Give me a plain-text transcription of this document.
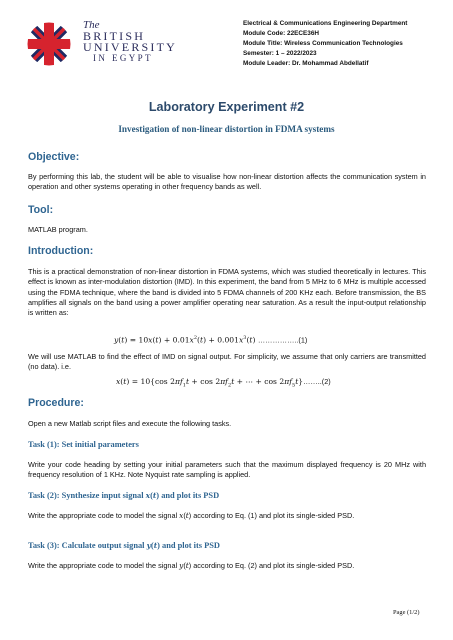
The
BRITISH
UNIVERSITY
IN EGYPT
Electrical & Communications Engineering Department
Module Code: 22ECE36H
Module Title: Wireless Communication Technologies
Semester: 1 – 2022/2023
Module Leader: Dr. Mohammad Abdellatif
Laboratory Experiment #2
Investigation of non-linear distortion in FDMA systems
Objective:
By performing this lab, the student will be able to visualise how non-linear distortion affects the communication system in operation and other systems operating in other frequency bands as well.
Tool:
MATLAB program.
Introduction:
This is a practical demonstration of non-linear distortion in FDMA systems, which was studied theoretically in lectures. This effect is known as inter-modulation distortion (IMD). In this experiment, the band from 5 MHz to 6 MHz is multiple accessed using the FDMA technique, where the band is divided into 5 FDMA channels of 200 KHz each. Before transmission, the BS amplifies all signals on the band using a power amplifier operating near saturation. As a result the input-output relationship is written as:
$y(t) = 10x(t) + 0.01x^2(t) + 0.001x^3(t)$ ……………..(1)
We will use MATLAB to find the effect of IMD on signal output. For simplicity, we assume that only carriers are transmitted (no data). i.e.
x(t) = 10{cos $2\pi f_1t + \cos 2\pi f_2t$ + ⋯ + $\cos 2\pi f_5t\}\dots\dots..(2)$
Procedure:
Open a new Matlab script files and execute the following tasks.
Task (1): Set initial parameters
Write your code heading by setting your initial parameters such that the maximum displayed frequency is 20 MHz with frequency resolution of 1 KHz. Note Nyquist rate sampling is applied.
Task (2): Synthesize input signal x(t) and plot its PSD
Write the appropriate code to model the signal x(t) according to Eq. (1) and plot its single-sided PSD.
Task (3): Calculate output signal y(t) and plot its PSD
Write the appropriate code to model the signal y(t) according to Eq. (2) and plot its single-sided PSD.
Page (1/2)
